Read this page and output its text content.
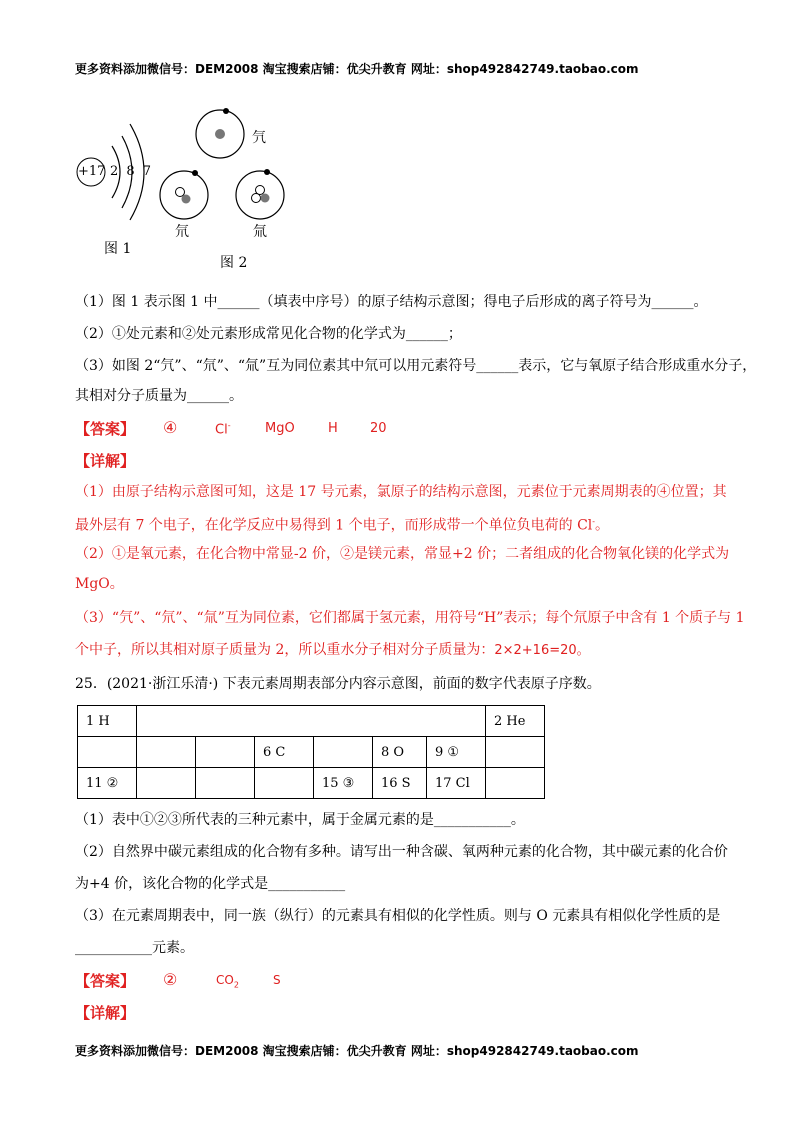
更多资料添加微信号：DEM2008 淘宝搜索店铺：优尖升教育 网址：shop492842749.taobao.com
+17 2 8 7
图 1
氕
氘	氚
图 2
（1）图 1 表示图 1 中______（填表中序号）的原子结构示意图；得电子后形成的离子符号为______。
（2）①处元素和②处元素形成常见化合物的化学式为______；
（3）如图 2“氕”、“氘”、“氚”互为同位素其中氘可以用元素符号______表示，它与氧原子结合形成重水分子，
其相对分子质量为______。
【答案】 ④	Cl-	MgO	H 20
【详解】
（1）由原子结构示意图可知，这是 17 号元素，氯原子的结构示意图，元素位于元素周期表的④位置；其
最外层有 7 个电子，在化学反应中易得到 1 个电子，而形成带一个单位负电荷的 Cl-。
（2）①是氧元素，在化合物中常显-2 价，②是镁元素，常显+2 价；二者组成的化合物氧化镁的化学式为
MgO。
（3）“氕”、“氘”、“氚”互为同位素，它们都属于氢元素，用符号“H”表示；每个氘原子中含有 1 个质子与 1
个中子，所以其相对原子质量为 2，所以重水分子相对分子质量为：2×2+16=20。
25．(2021·浙江乐清·) 下表元素周期表部分内容示意图，前面的数字代表原子序数。
1 H							2 He
			6 C		8 O	9 ①	
11 ②				15 ③	16 S	17 Cl	
（1）表中①②③所代表的三种元素中，属于金属元素的是___________。
（2）自然界中碳元素组成的化合物有多种。请写出一种含碳、氧两种元素的化合物，其中碳元素的化合价
为+4 价，该化合物的化学式是___________
（3）在元素周期表中，同一族（纵行）的元素具有相似的化学性质。则与 O 元素具有相似化学性质的是
___________元素。
【答案】 ②	$CO_2$	S
【详解】
更多资料添加微信号：DEM2008 淘宝搜索店铺：优尖升教育 网址：shop492842749.taobao.com
